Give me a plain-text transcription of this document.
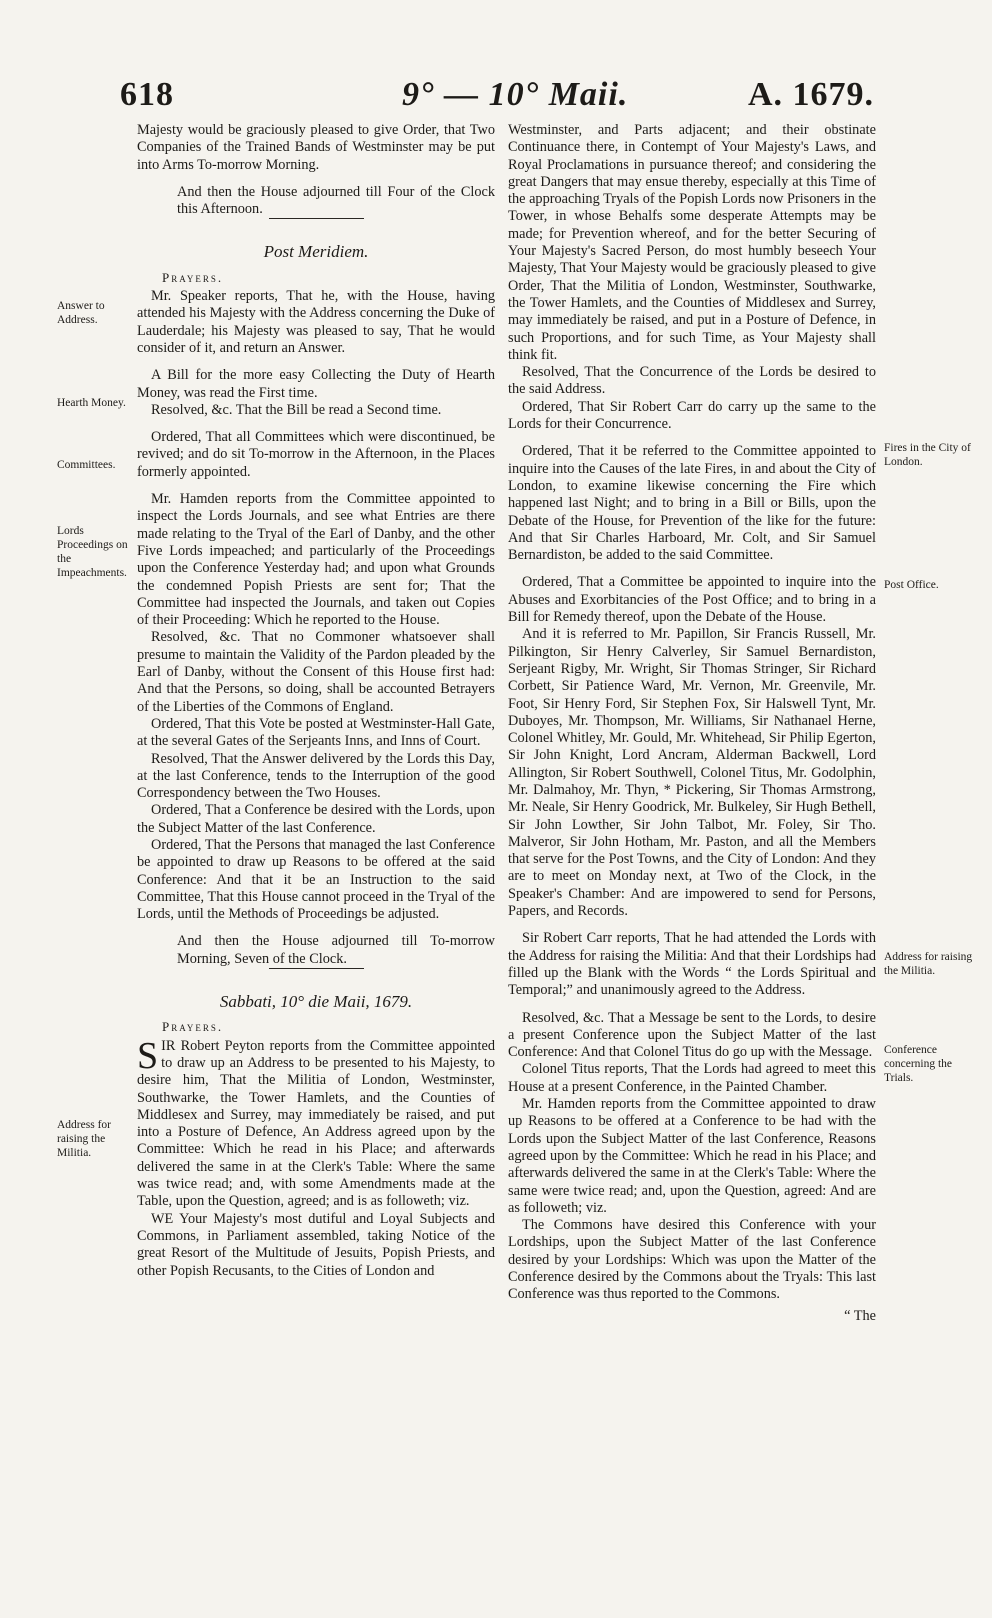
618	9° — 10° Maii.	A. 1679.

Majesty would be graciously pleased to give Order, that Two Companies of the Trained Bands of Westminster may be put into Arms To-morrow Morning.

And then the House adjourned till Four of the Clock this Afternoon.

Post Meridiem.
Prayers.

Mr. Speaker reports, That he, with the House, having attended his Majesty with the Address concerning the Duke of Lauderdale; his Majesty was pleased to say, That he would consider of it, and return an Answer.

A Bill for the more easy Collecting the Duty of Hearth Money, was read the First time.

Resolved, &c. That the Bill be read a Second time.

Ordered, That all Committees which were discontinued, be revived; and do sit To-morrow in the Afternoon, in the Places formerly appointed.

Mr. Hamden reports from the Committee appointed to inspect the Lords Journals, and see what Entries are there made relating to the Tryal of the Earl of Danby, and the other Five Lords impeached; and particularly of the Proceedings upon the Conference Yesterday had; and upon what Grounds the condemned Popish Priests are sent for; That the Committee had inspected the Journals, and taken out Copies of their Proceeding: Which he reported to the House.

Resolved, &c. That no Commoner whatsoever shall presume to maintain the Validity of the Pardon pleaded by the Earl of Danby, without the Consent of this House first had: And that the Persons, so doing, shall be accounted Betrayers of the Liberties of the Commons of England.

Ordered, That this Vote be posted at Westminster-Hall Gate, at the several Gates of the Serjeants Inns, and Inns of Court.

Resolved, That the Answer delivered by the Lords this Day, at the last Conference, tends to the Interruption of the good Correspondency between the Two Houses.

Ordered, That a Conference be desired with the Lords, upon the Subject Matter of the last Conference.

Ordered, That the Persons that managed the last Conference be appointed to draw up Reasons to be offered at the said Conference: And that it be an Instruction to the said Committee, That this House cannot proceed in the Tryal of the Lords, until the Methods of Proceedings be adjusted.

And then the House adjourned till To-morrow Morning, Seven of the Clock.

Sabbati, 10° die Maii, 1679.
Prayers.

SIR Robert Peyton reports from the Committee appointed to draw up an Address to be presented to his Majesty, to desire him, That the Militia of London, Westminster, Southwarke, the Tower Hamlets, and the Counties of Middlesex and Surrey, may immediately be raised, and put into a Posture of Defence, An Address agreed upon by the Committee: Which he read in his Place; and afterwards delivered the same in at the Clerk's Table: Where the same was twice read; and, with some Amendments made at the Table, upon the Question, agreed; and is as followeth; viz.

WE Your Majesty's most dutiful and Loyal Subjects and Commons, in Parliament assembled, taking Notice of the great Resort of the Multitude of Jesuits, Popish Priests, and other Popish Recusants, to the Cities of London and

Westminster, and Parts adjacent; and their obstinate Continuance there, in Contempt of Your Majesty's Laws, and Royal Proclamations in pursuance thereof; and considering the great Dangers that may ensue thereby, especially at this Time of the approaching Tryals of the Popish Lords now Prisoners in the Tower, in whose Behalfs some desperate Attempts may be made; for Prevention whereof, and for the better Securing of Your Majesty's Sacred Person, do most humbly beseech Your Majesty, That Your Majesty would be graciously pleased to give Order, That the Militia of London, Westminster, Southwarke, the Tower Hamlets, and the Counties of Middlesex and Surrey, may immediately be raised, and put in a Posture of Defence, in such Proportions, and for such Time, as Your Majesty shall think fit.

Resolved, That the Concurrence of the Lords be desired to the said Address.

Ordered, That Sir Robert Carr do carry up the same to the Lords for their Concurrence.

Ordered, That it be referred to the Committee appointed to inquire into the Causes of the late Fires, in and about the City of London, to examine likewise concerning the Fire which happened last Night; and to bring in a Bill or Bills, upon the Debate of the House, for Prevention of the like for the future: And that Sir Charles Harboard, Mr. Colt, and Sir Samuel Bernardiston, be added to the said Committee.

Ordered, That a Committee be appointed to inquire into the Abuses and Exorbitancies of the Post Office; and to bring in a Bill for Remedy thereof, upon the Debate of the House.

And it is referred to Mr. Papillon, Sir Francis Russell, Mr. Pilkington, Sir Henry Calverley, Sir Samuel Bernardiston, Serjeant Rigby, Mr. Wright, Sir Thomas Stringer, Sir Richard Corbett, Sir Patience Ward, Mr. Vernon, Mr. Greenvile, Mr. Foot, Sir Henry Ford, Sir Stephen Fox, Sir Halswell Tynt, Mr. Duboyes, Mr. Thompson, Mr. Williams, Sir Nathanael Herne, Colonel Whitley, Mr. Gould, Mr. Whitehead, Sir Philip Egerton, Sir John Knight, Lord Ancram, Alderman Backwell, Lord Allington, Sir Robert Southwell, Colonel Titus, Mr. Godolphin, Mr. Dalmahoy, Mr. Thyn, * Pickering, Sir Thomas Armstrong, Mr. Neale, Sir Henry Goodrick, Mr. Bulkeley, Sir Hugh Bethell, Sir John Lowther, Sir John Talbot, Mr. Foley, Sir Tho. Malveror, Sir John Hotham, Mr. Paston, and all the Members that serve for the Post Towns, and the City of London: And they are to meet on Monday next, at Two of the Clock, in the Speaker's Chamber: And are impowered to send for Persons, Papers, and Records.

Sir Robert Carr reports, That he had attended the Lords with the Address for raising the Militia: And that their Lordships had filled up the Blank with the Words “ the Lords Spiritual and Temporal;” and unanimously agreed to the Address.

Resolved, &c. That a Message be sent to the Lords, to desire a present Conference upon the Subject Matter of the last Conference: And that Colonel Titus do go up with the Message.

Colonel Titus reports, That the Lords had agreed to meet this House at a present Conference, in the Painted Chamber.

Mr. Hamden reports from the Committee appointed to draw up Reasons to be offered at a Conference to be had with the Lords upon the Subject Matter of the last Conference, Reasons agreed upon by the Committee: Which he read in his Place; and afterwards delivered the same in at the Clerk's Table: Where the same were twice read; and, upon the Question, agreed: And are as followeth; viz.

The Commons have desired this Conference with your Lordships, upon the Subject Matter of the last Conference desired by your Lordships: Which was upon the Matter of the Conference desired by the Commons about the Tryals: This last Conference was thus reported to the Commons.

“ The
Answer to Address.
Hearth Money.
Committees.
Lords Proceedings on the Impeachments.
Address for raising the Militia.
Fires in the City of London.
Post Office.
Address for raising the Militia.
Conference concerning the Trials.
